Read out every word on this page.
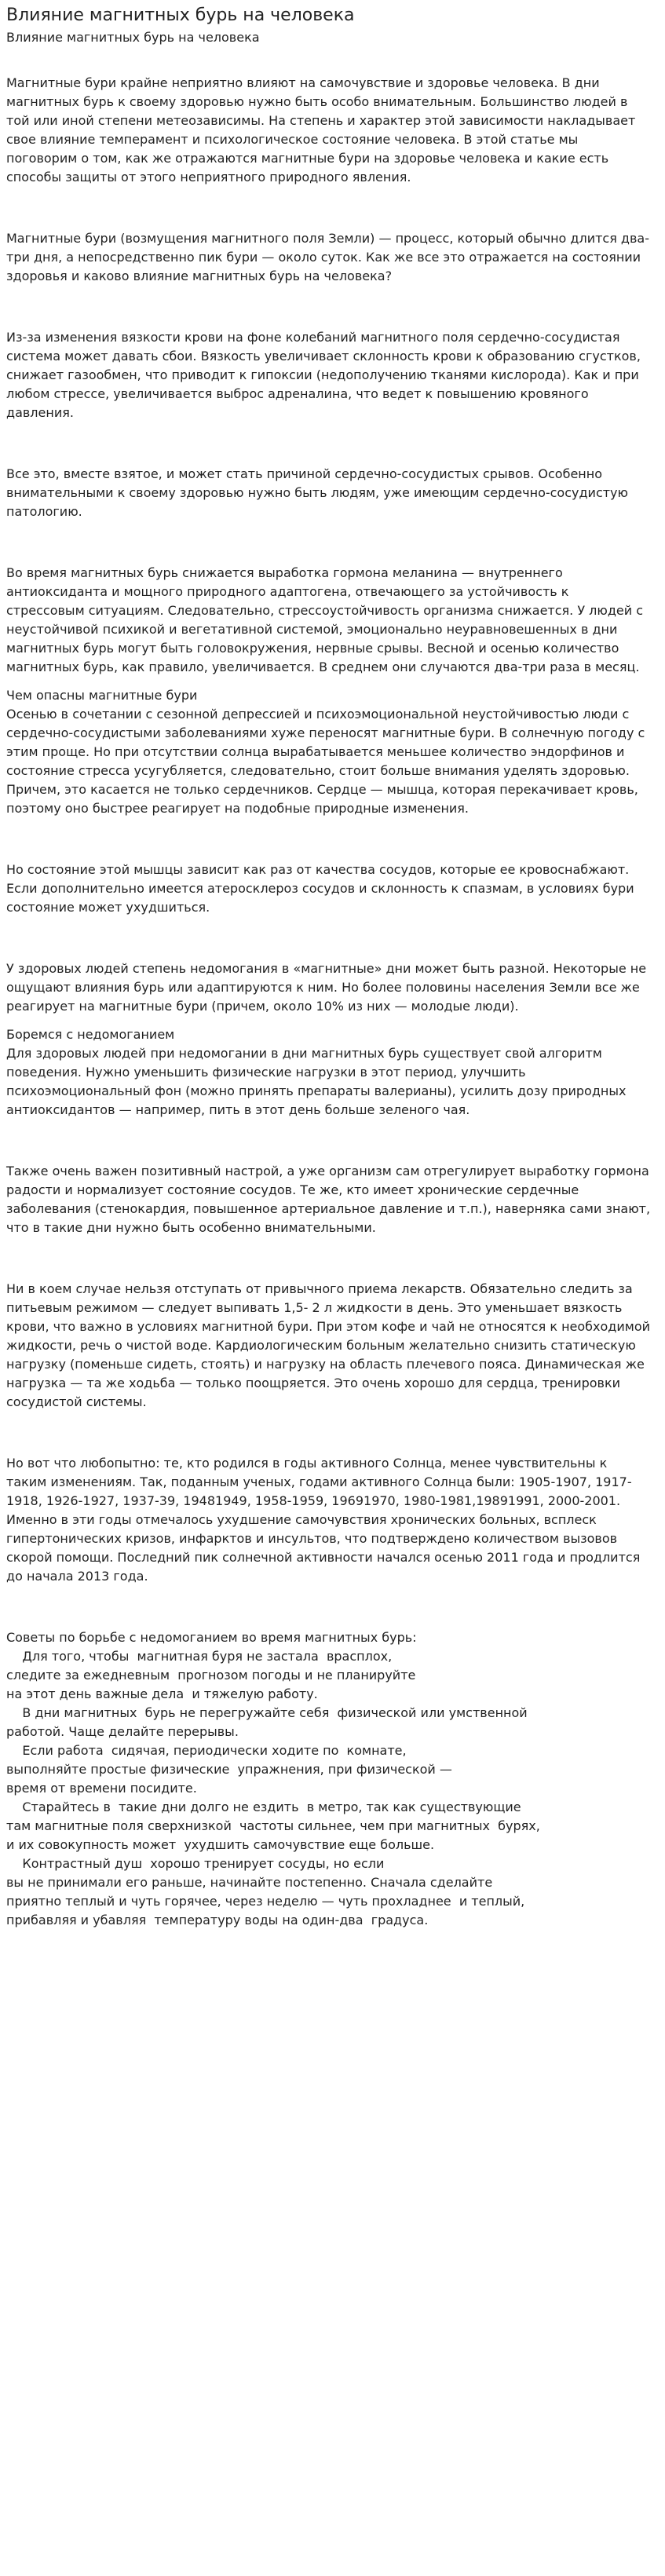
Влияние магнитных бурь на человека
Влияние магнитных бурь на человека

Магнитные бури крайне неприятно влияют на самочувствие и здоровье человека. В дни магнитных бурь к своему здоровью нужно быть особо внимательным. Большинство людей в той или иной степени метеозависимы. На степень и характер этой зависимости накладывает свое влияние темперамент и психологическое состояние человека. В этой статье мы поговорим о том, как же отражаются магнитные бури на здоровье человека и какие есть способы защиты от этого неприятного природного явления.

Магнитные бури (возмущения магнитного поля Земли) — процесс, который обычно длится два-три дня, а непосредственно пик бури — около суток. Как же все это отражается на состоянии здоровья и каково влияние магнитных бурь на человека?

Из-за изменения вязкости крови на фоне колебаний магнитного поля сердечно-сосудистая система может давать сбои. Вязкость увеличивает склонность крови к образованию сгустков, снижает газообмен, что приводит к гипоксии (недополучению тканями кислорода). Как и при любом стрессе, увеличивается выброс адреналина, что ведет к повышению кровяного давления.

Все это, вместе взятое, и может стать причиной сердечно-сосудистых срывов. Особенно внимательными к своему здоровью нужно быть людям, уже имеющим сердечно-сосудистую патологию.

Во время магнитных бурь снижается выработка гормона меланина — внутреннего антиоксиданта и мощного природного адаптогена, отвечающего за устойчивость к стрессовым ситуациям. Следовательно, стрессоустойчивость организма снижается. У людей с неустойчивой психикой и вегетативной системой, эмоционально неуравновешенных в дни магнитных бурь могут быть головокружения, нервные срывы. Весной и осенью количество магнитных бурь, как правило, увеличивается. В среднем они случаются два-три раза в месяц.

Чем опасны магнитные бури

Осенью в сочетании с сезонной депрессией и психоэмоциональной неустойчивостью люди с сердечно-сосудистыми заболеваниями хуже переносят магнитные бури. В солнечную погоду с этим проще. Но при отсутствии солнца вырабатывается меньшее количество эндорфинов и состояние стресса усугубляется, следовательно, стоит больше внимания уделять здоровью. Причем, это касается не только сердечников. Сердце — мышца, которая перекачивает кровь, поэтому оно быстрее реагирует на подобные природные изменения.

Но состояние этой мышцы зависит как раз от качества сосудов, которые ее кровоснабжают. Если дополнительно имеется атеросклероз сосудов и склонность к спазмам, в условиях бури состояние может ухудшиться.

У здоровых людей степень недомогания в «магнитные» дни может быть разной. Некоторые не ощущают влияния бурь или адаптируются к ним. Но более половины населения Земли все же реагирует на магнитные бури (причем, около 10% из них — молодые люди).

Боремся с недомоганием

Для здоровых людей при недомогании в дни магнитных бурь существует свой алгоритм поведения. Нужно уменьшить физические нагрузки в этот период, улучшить психоэмоциональный фон (можно принять препараты валерианы), усилить дозу природных антиоксидантов — например, пить в этот день больше зеленого чая.

Также очень важен позитивный настрой, а уже организм сам отрегулирует выработку гормона радости и нормализует состояние сосудов. Те же, кто имеет хронические сердечные заболевания (стенокардия, повышенное артериальное давление и т.п.), наверняка сами знают, что в такие дни нужно быть особенно внимательными.

Ни в коем случае нельзя отступать от привычного приема лекарств. Обязательно следить за питьевым режимом — следует выпивать 1,5- 2 л жидкости в день. Это уменьшает вязкость крови, что важно в условиях магнитной бури. При этом кофе и чай не относятся к необходимой жидкости, речь о чистой воде. Кардиологическим больным желательно снизить статическую нагрузку (поменьше сидеть, стоять) и нагрузку на область плечевого пояса. Динамическая же нагрузка — та же ходьба — только поощряется. Это очень хорошо для сердца, тренировки сосудистой системы.

Но вот что любопытно: те, кто родился в годы активного Солнца, менее чувствительны к таким изменениям. Так, поданным ученых, годами активного Солнца были: 1905-1907, 1917-1918, 1926-1927, 1937-39, 19481949, 1958-1959, 19691970, 1980-1981,19891991, 2000-2001. Именно в эти годы отмечалось ухудшение самочувствия хронических больных, всплеск гипертонических кризов, инфарктов и инсультов, что подтверждено количеством вызовов скорой помощи. Последний пик солнечной активности начался осенью 2011 года и продлится до начала 2013 года.

Советы по борьбе с недомоганием во время магнитных бурь:

Для того, чтобы  магнитная буря не застала  врасплох,
следите за ежедневным  прогнозом погоды и не планируйте
на этот день важные дела  и тяжелую работу.

В дни магнитных  бурь не перегружайте себя  физической или умственной
работой. Чаще делайте перерывы.

Если работа  сидячая, периодически ходите по  комнате,
выполняйте простые физические  упражнения, при физической —
время от времени посидите.

Старайтесь в  такие дни долго не ездить  в метро, так как существующие
там магнитные поля сверхнизкой  частоты сильнее, чем при магнитных  бурях,
и их совокупность может  ухудшить самочувствие еще больше.

Контрастный душ  хорошо тренирует сосуды, но если
вы не принимали его раньше, начинайте постепенно. Сначала сделайте
приятно теплый и чуть горячее, через неделю — чуть прохладнее  и теплый,
прибавляя и убавляя  температуру воды на один-два  градуса.
